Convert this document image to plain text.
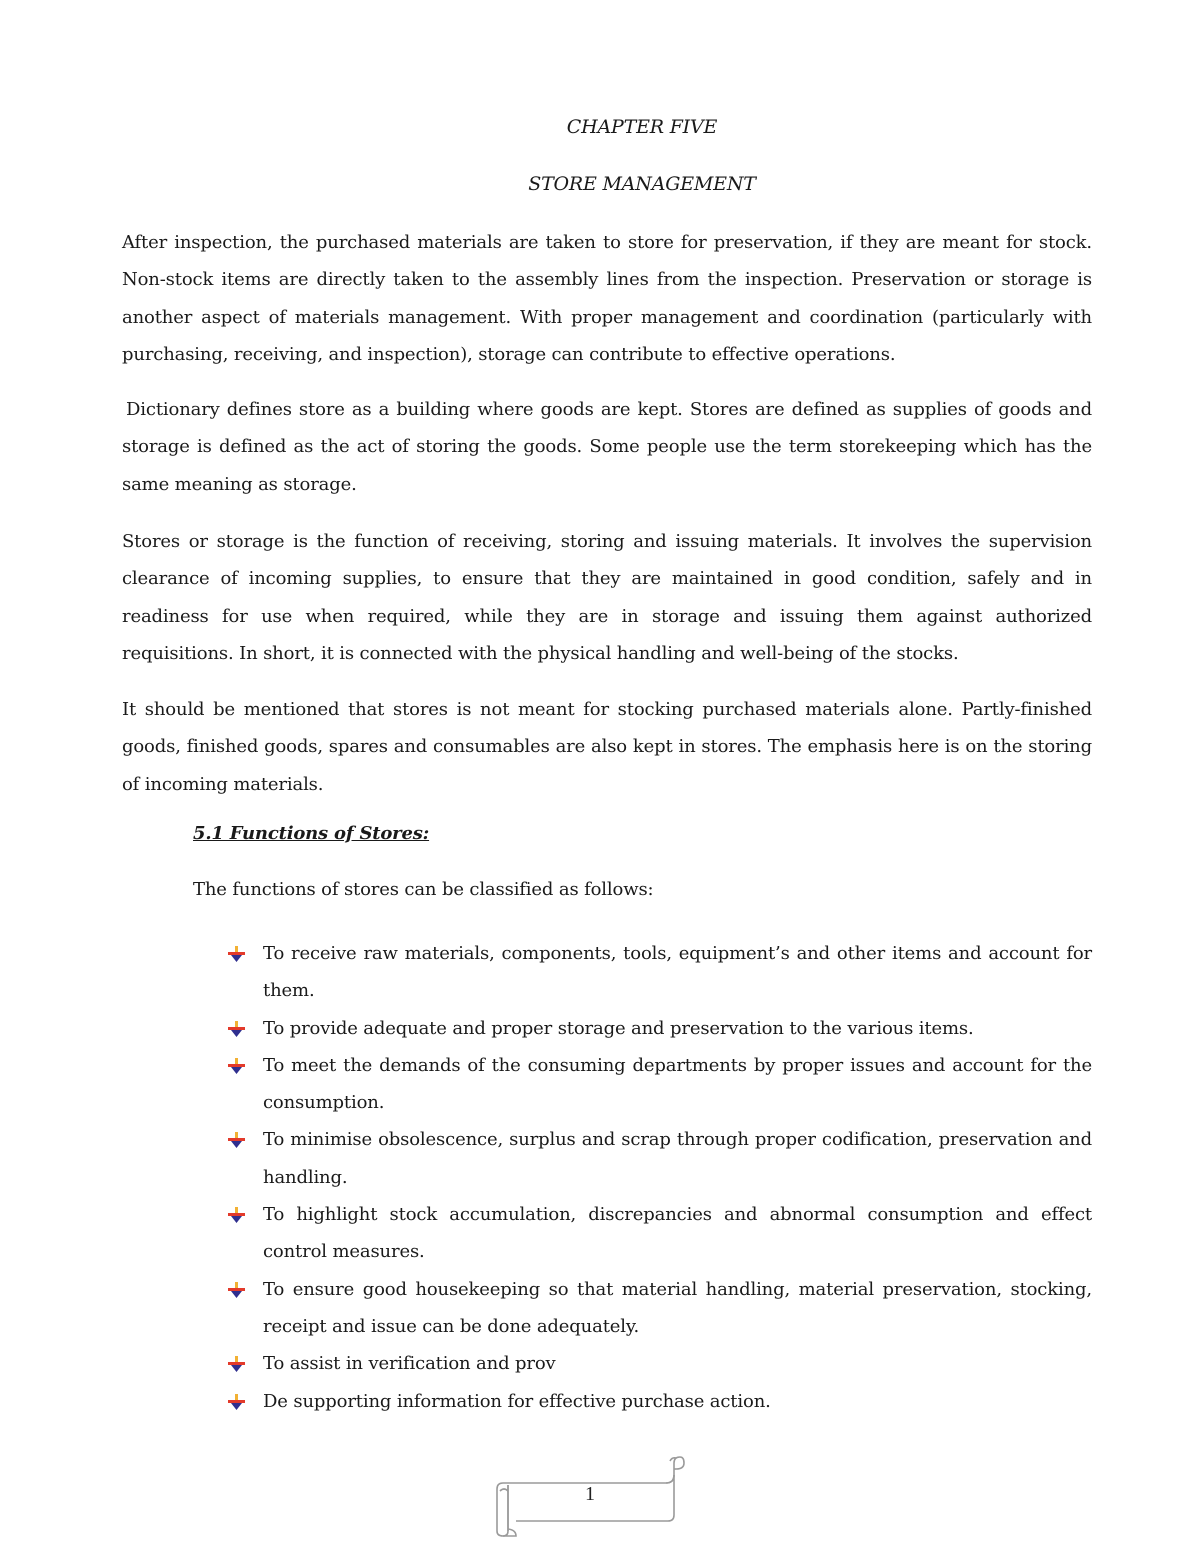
CHAPTER FIVE
STORE MANAGEMENT

After inspection, the purchased materials are taken to store for preservation, if they are meant for stock. Non-stock items are directly taken to the assembly lines from the inspection. Preservation or storage is another aspect of materials management. With proper management and coordination (particularly with purchasing, receiving, and inspection), storage can contribute to effective operations.

Dictionary defines store as a building where goods are kept. Stores are defined as supplies of goods and storage is defined as the act of storing the goods. Some people use the term storekeeping which has the same meaning as storage.

Stores or storage is the function of receiving, storing and issuing materials. It involves the supervision clearance of incoming supplies, to ensure that they are maintained in good condition, safely and in readiness for use when required, while they are in storage and issuing them against authorized requisitions. In short, it is connected with the physical handling and well-being of the stocks.

It should be mentioned that stores is not meant for stocking purchased materials alone. Partly-finished goods, finished goods, spares and consumables are also kept in stores. The emphasis here is on the storing of incoming materials.

5.1 Functions of Stores:
The functions of stores can be classified as follows:
To receive raw materials, components, tools, equipment’s and other items and account for them.
To provide adequate and proper storage and preservation to the various items.
To meet the demands of the consuming departments by proper issues and account for the consumption.
To minimise obsolescence, surplus and scrap through proper codification, preservation and handling.
To highlight stock accumulation, discrepancies and abnormal consumption and effect control measures.
To ensure good housekeeping so that material handling, material preservation, stocking, receipt and issue can be done adequately.
To assist in verification and prov
De supporting information for effective purchase action.
1
